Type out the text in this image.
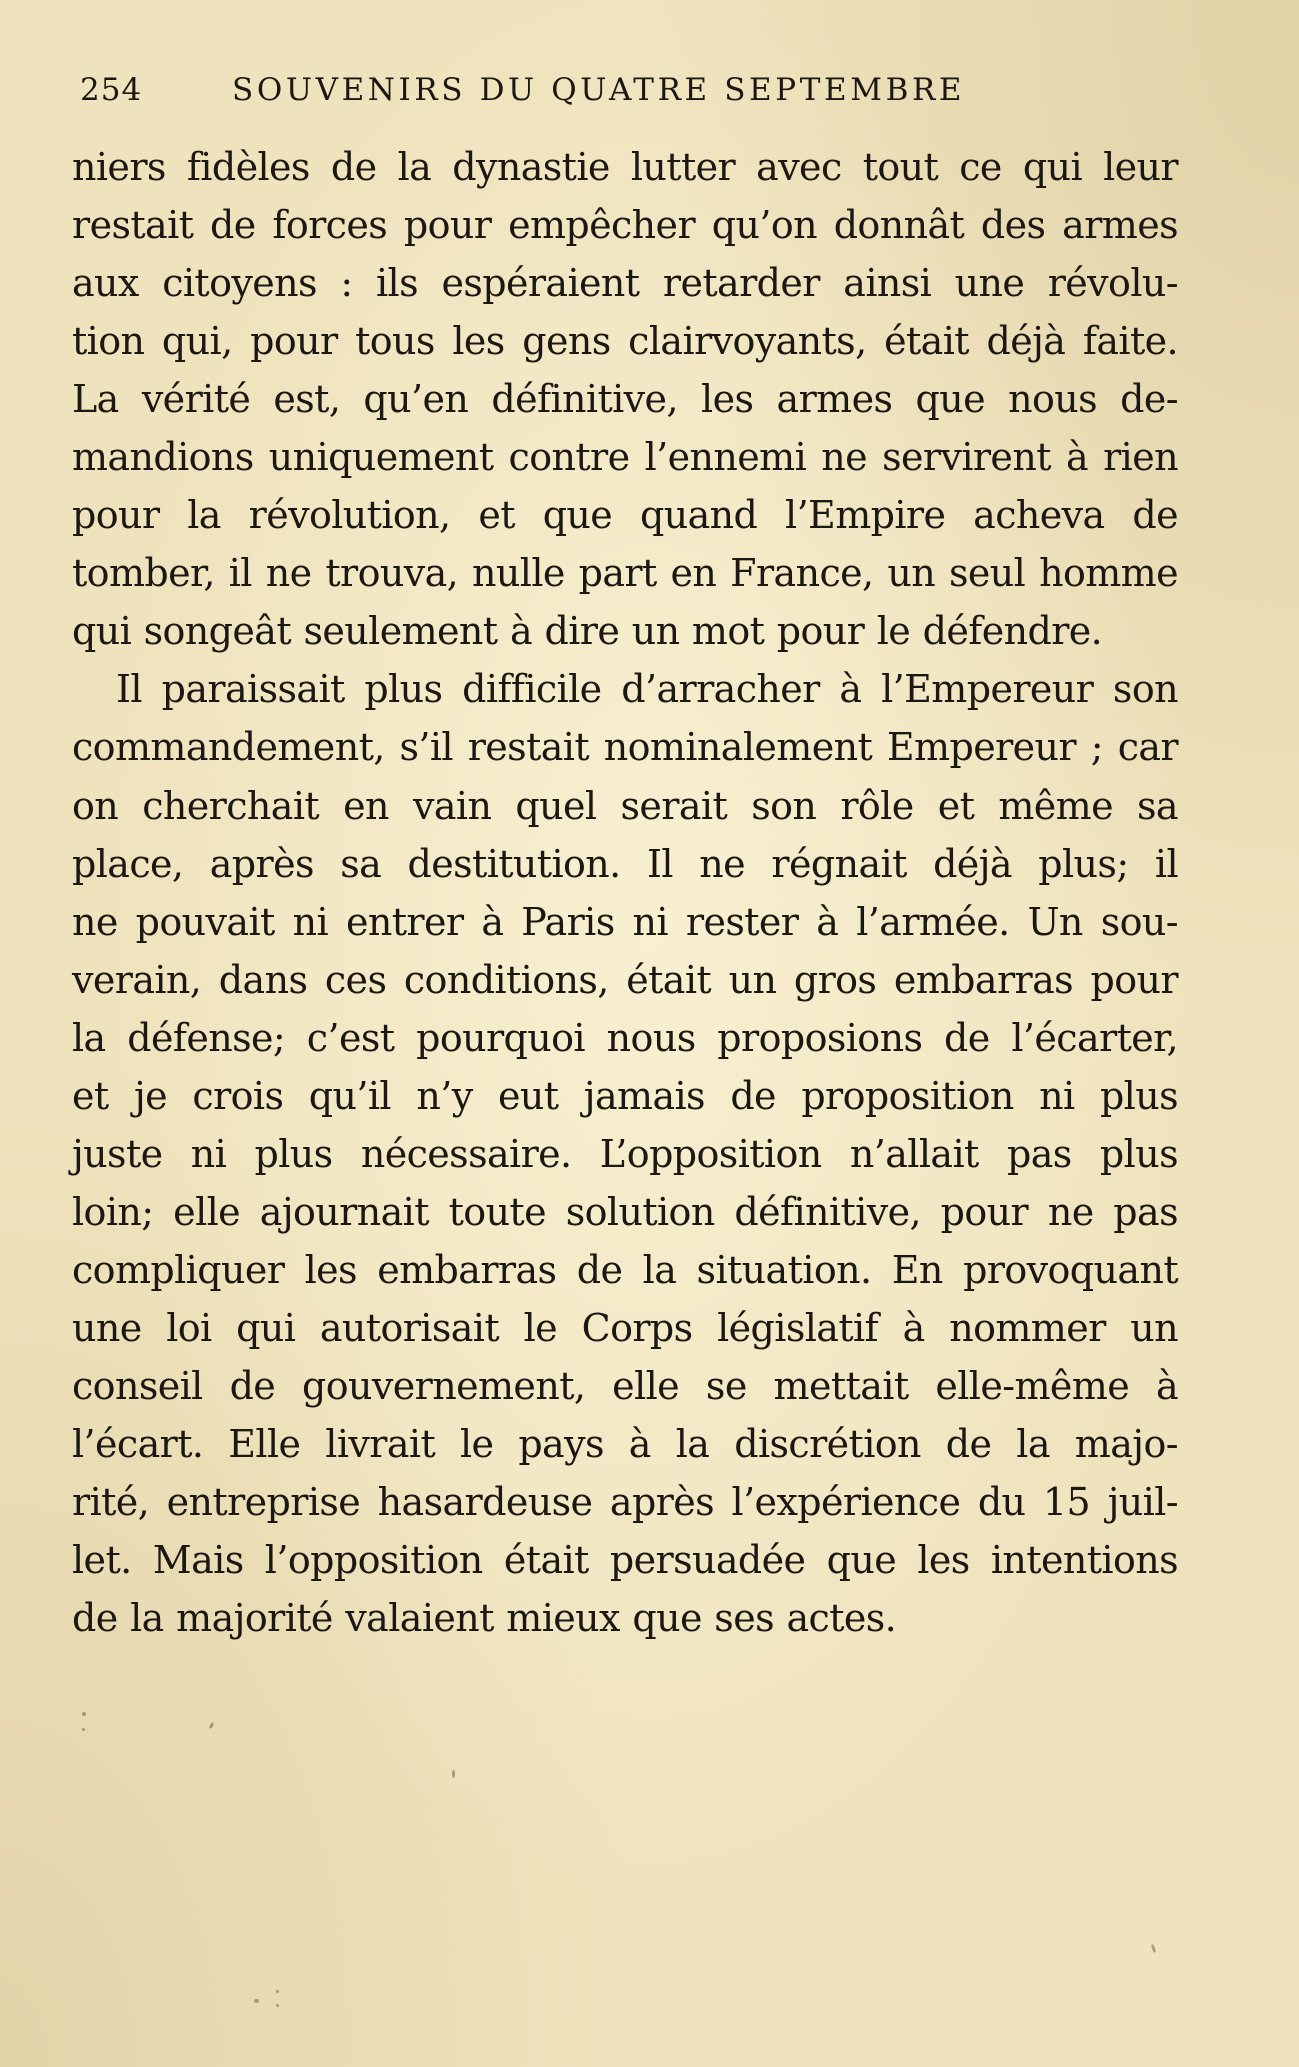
254	SOUVENIRS DU QUATRE SEPTEMBRE
niers fidèles de la dynastie lutter avec tout ce qui leur
restait de forces pour empêcher qu’on donnât des armes
aux citoyens : ils espéraient retarder ainsi une révolu-
tion qui, pour tous les gens clairvoyants, était déjà faite.
La vérité est, qu’en définitive, les armes que nous de-
mandions uniquement contre l’ennemi ne servirent à rien
pour la révolution, et que quand l’Empire acheva de
tomber, il ne trouva, nulle part en France, un seul homme
qui songeât seulement à dire un mot pour le défendre.
Il paraissait plus difficile d’arracher à l’Empereur son
commandement, s’il restait nominalement Empereur ; car
on cherchait en vain quel serait son rôle et même sa
place, après sa destitution. Il ne régnait déjà plus; il
ne pouvait ni entrer à Paris ni rester à l’armée. Un sou-
verain, dans ces conditions, était un gros embarras pour
la défense; c’est pourquoi nous proposions de l’écarter,
et je crois qu’il n’y eut jamais de proposition ni plus
juste ni plus nécessaire. L’opposition n’allait pas plus
loin; elle ajournait toute solution définitive, pour ne pas
compliquer les embarras de la situation. En provoquant
une loi qui autorisait le Corps législatif à nommer un
conseil de gouvernement, elle se mettait elle-même à
l’écart. Elle livrait le pays à la discrétion de la majo-
rité, entreprise hasardeuse après l’expérience du 15 juil-
let. Mais l’opposition était persuadée que les intentions
de la majorité valaient mieux que ses actes.
